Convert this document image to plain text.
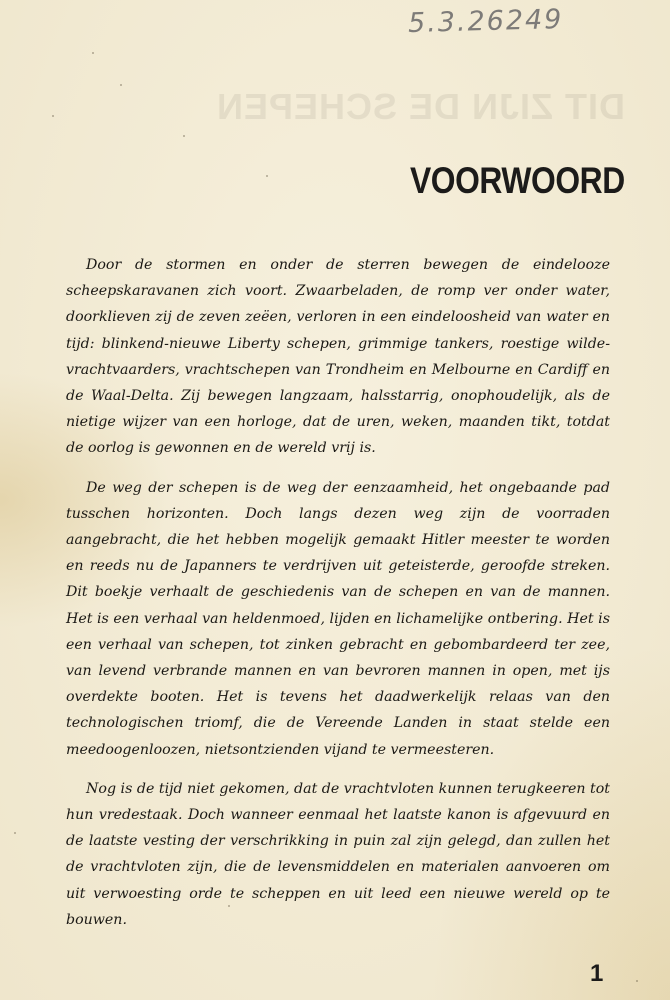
5.3.26249
DIT ZIJN DE SCHEPEN
VOORWOORD

Door de stormen en onder de sterren bewegen de eindelooze scheepskaravanen zich voort. Zwaarbeladen, de romp ver onder water, doorklieven zij de zeven zeëen, verloren in een eindeloosheid van water en tijd: blinkend-nieuwe Liberty schepen, grimmige tankers, roestige wilde-vrachtvaarders, vrachtschepen van Trondheim en Melbourne en Cardiff en de Waal-Delta. Zij bewegen langzaam, halsstarrig, onophoudelijk, als de nietige wijzer van een horloge, dat de uren, weken, maanden tikt, totdat de oorlog is gewonnen en de wereld vrij is.

De weg der schepen is de weg der eenzaamheid, het ongebaande pad tusschen horizonten. Doch langs dezen weg zijn de voorraden aangebracht, die het hebben mogelijk gemaakt Hitler meester te worden en reeds nu de Japanners te verdrijven uit geteisterde, geroofde streken. Dit boekje verhaalt de geschiedenis van de schepen en van de mannen. Het is een verhaal van heldenmoed, lijden en lichamelijke ontbering. Het is een verhaal van schepen, tot zinken gebracht en gebombardeerd ter zee, van levend verbrande mannen en van bevroren mannen in open, met ijs overdekte booten. Het is tevens het daadwerkelijk relaas van den technologischen triomf, die de Vereende Landen in staat stelde een meedoogenloozen, nietsontzienden vijand te vermeesteren.

Nog is de tijd niet gekomen, dat de vrachtvloten kunnen terugkeeren tot hun vredestaak. Doch wanneer eenmaal het laatste kanon is afgevuurd en de laatste vesting der verschrikking in puin zal zijn gelegd, dan zullen het de vrachtvloten zijn, die de levensmiddelen en materialen aanvoeren om uit verwoesting orde te scheppen en uit leed een nieuwe wereld op te bouwen.

1
